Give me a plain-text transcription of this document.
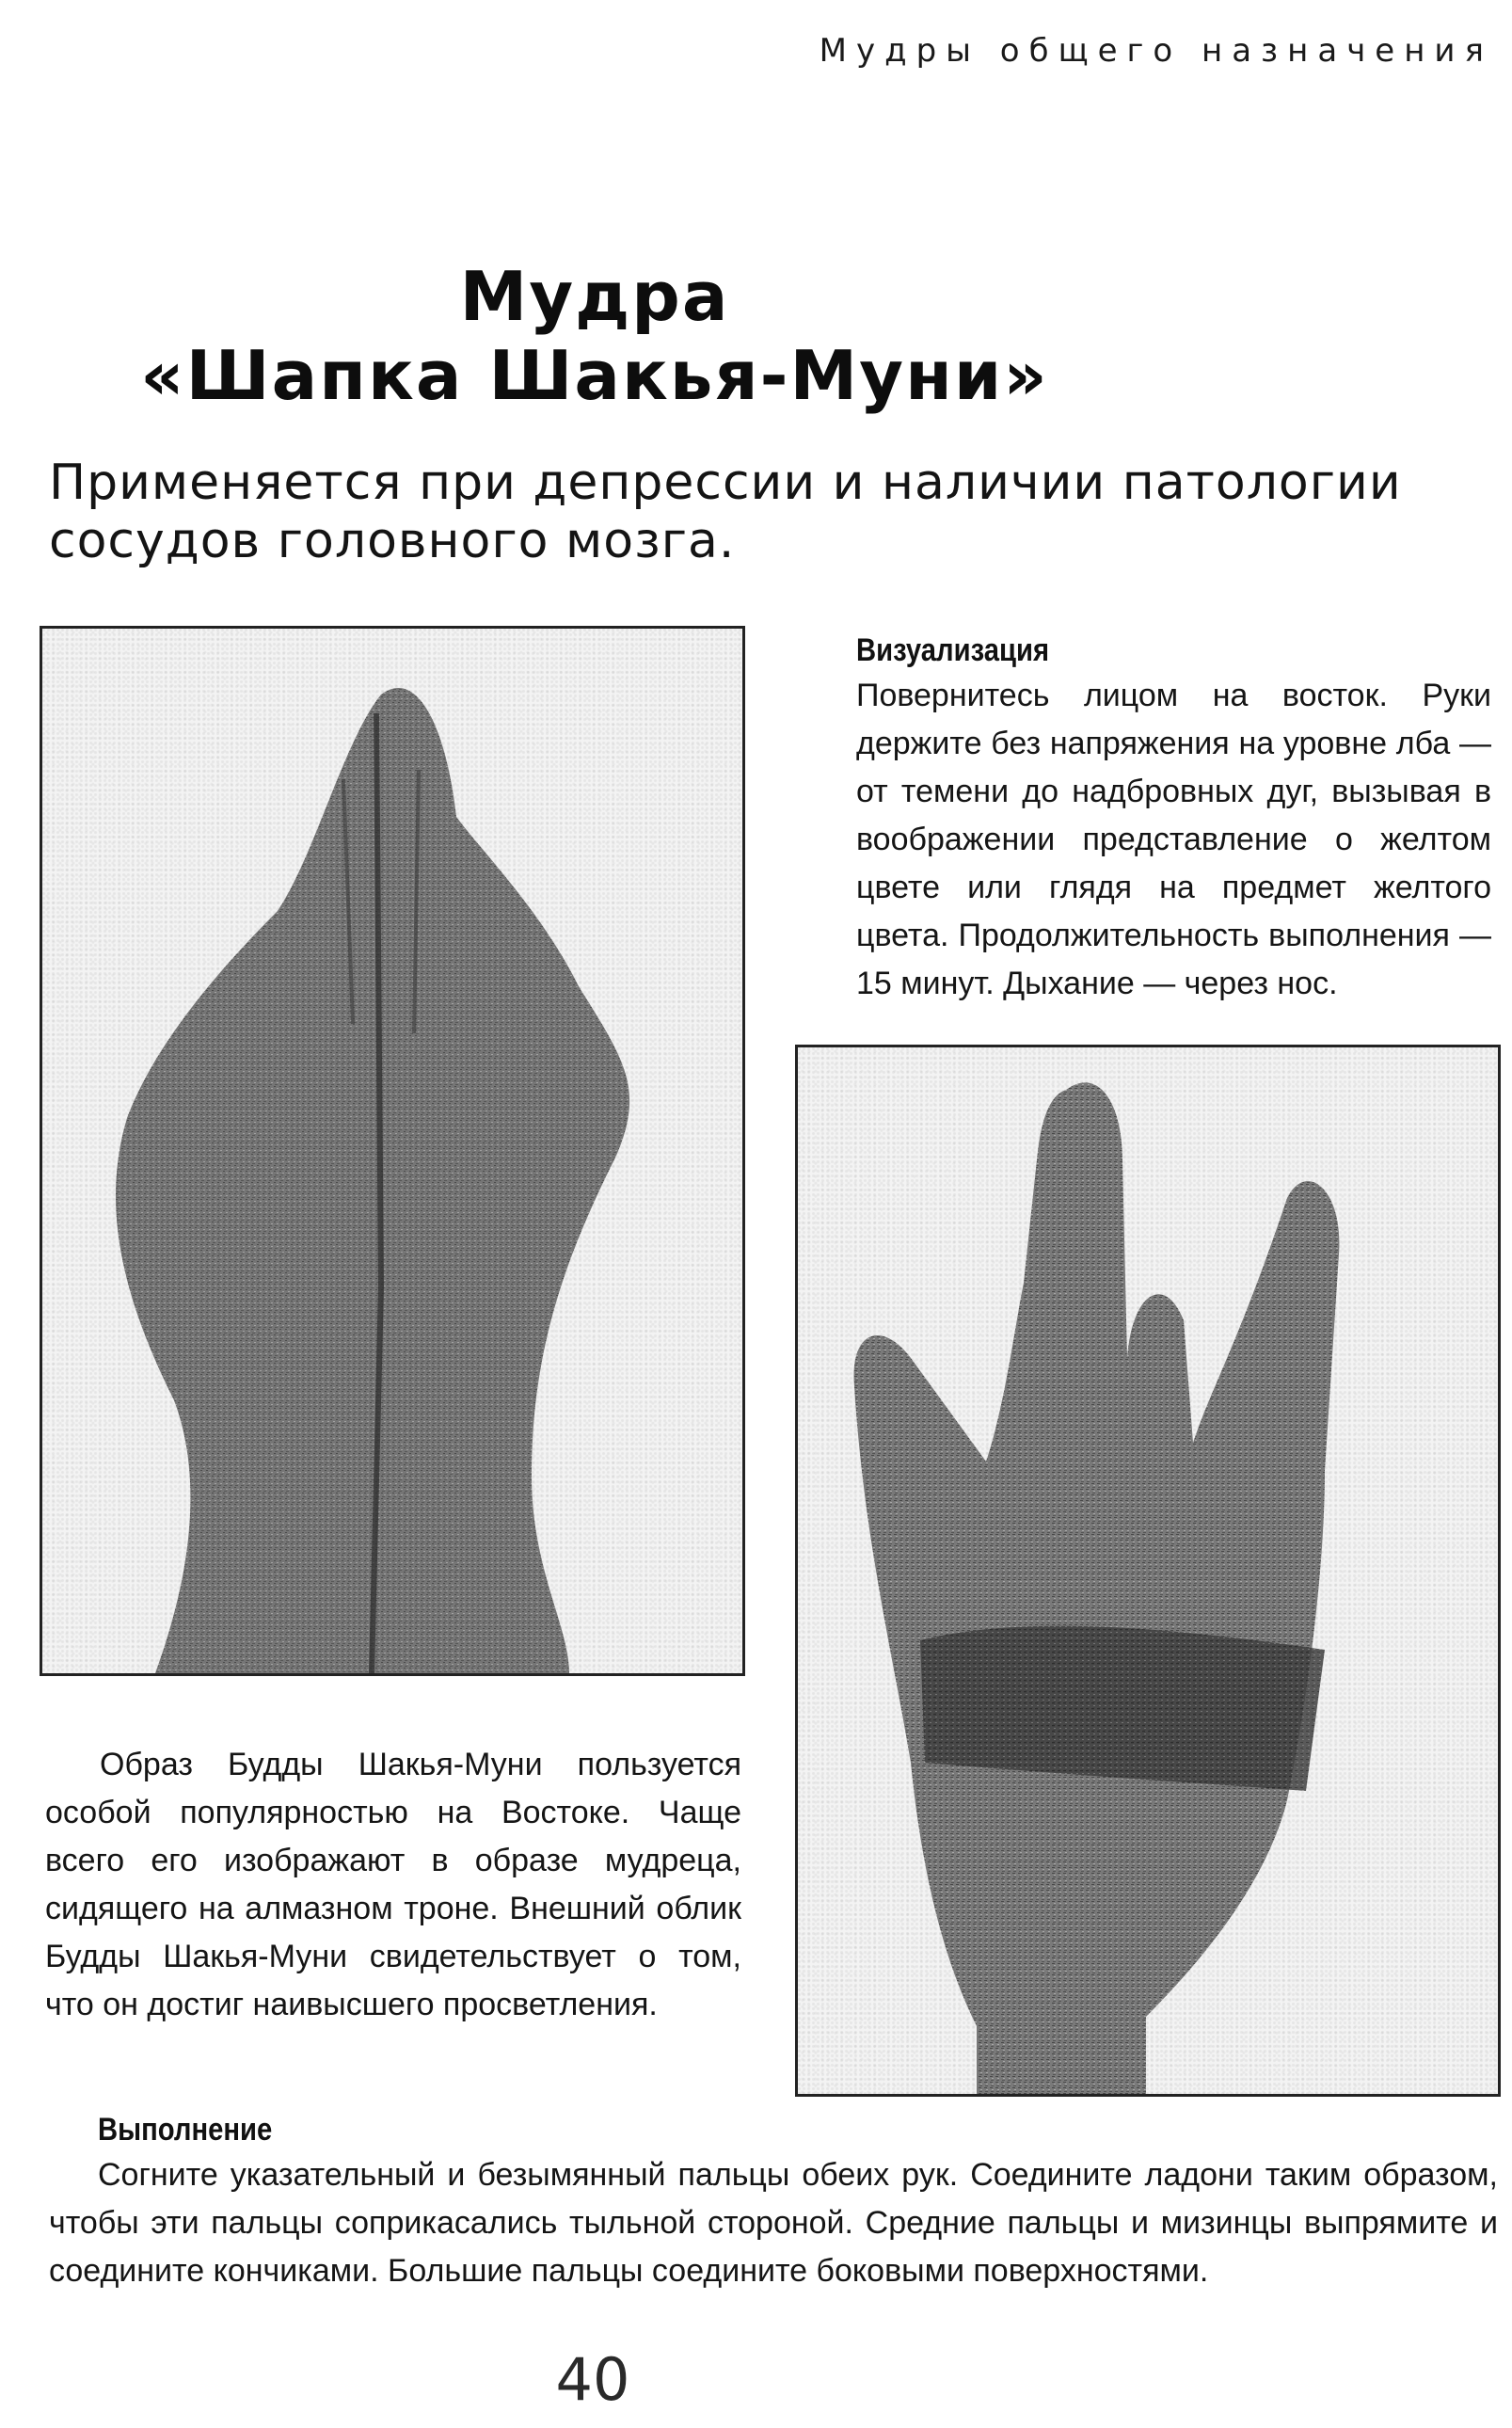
Мудры общего назначения
Мудра
«Шапка Шакья-Муни»

Применяется при депрессии и наличии патологии сосудов головного мозга.

Визуализация

Повернитесь лицом на восток. Руки держите без напряжения на уровне лба — от темени до надбровных дуг, вызывая в воображении представление о желтом цвете или глядя на предмет желтого цвета. Продолжительность выполнения — 15 минут. Дыхание — через нос.

Образ Будды Шакья-Муни пользуется особой популярностью на Востоке. Чаще всего его изображают в образе мудреца, сидящего на алмазном троне. Внешний облик Будды Шакья-Муни свидетельствует о том, что он достиг наивысшего просветления.

Выполнение

Согните указательный и безымянный пальцы обеих рук. Соедините ладони таким образом, чтобы эти пальцы соприкасались тыльной стороной. Средние пальцы и мизинцы выпрямите и соедините кончиками. Большие пальцы соедините боковыми поверхностями.

40
